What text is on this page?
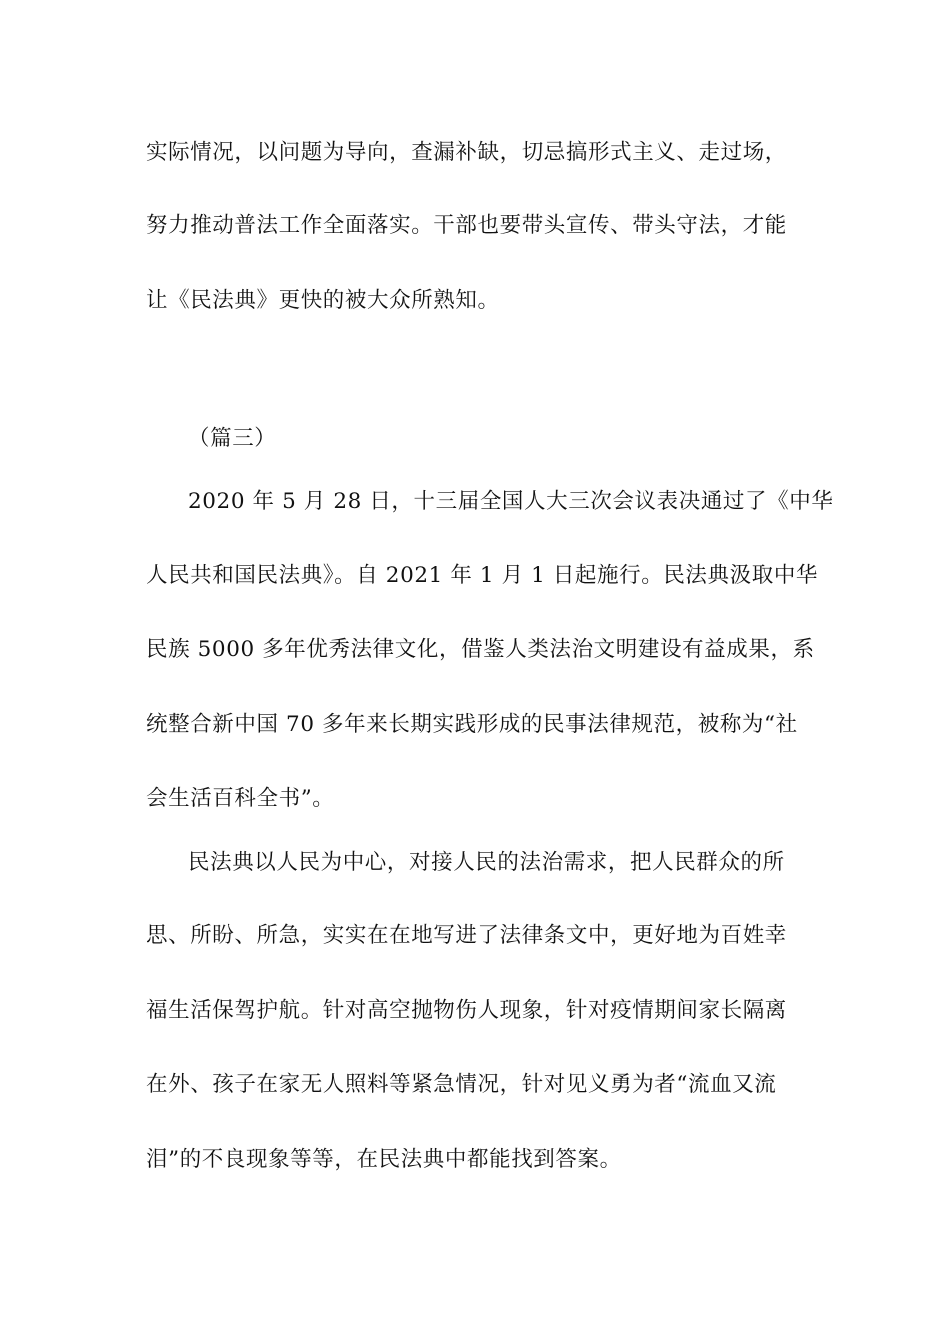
实际情况，以问题为导向，查漏补缺，切忌搞形式主义、走过场，
努力推动普法工作全面落实。干部也要带头宣传、带头守法，才能
让《民法典》更快的被大众所熟知。
（篇三）
2020 年 5 月 28 日，十三届全国人大三次会议表决通过了《中华
人民共和国民法典》。自 2021 年 1 月 1 日起施行。民法典汲取中华
民族 5000 多年优秀法律文化，借鉴人类法治文明建设有益成果，系
统整合新中国 70 多年来长期实践形成的民事法律规范，被称为“社
会生活百科全书”。
民法典以人民为中心，对接人民的法治需求，把人民群众的所
思、所盼、所急，实实在在地写进了法律条文中，更好地为百姓幸
福生活保驾护航。针对高空抛物伤人现象，针对疫情期间家长隔离
在外、孩子在家无人照料等紧急情况，针对见义勇为者“流血又流
泪”的不良现象等等，在民法典中都能找到答案。
